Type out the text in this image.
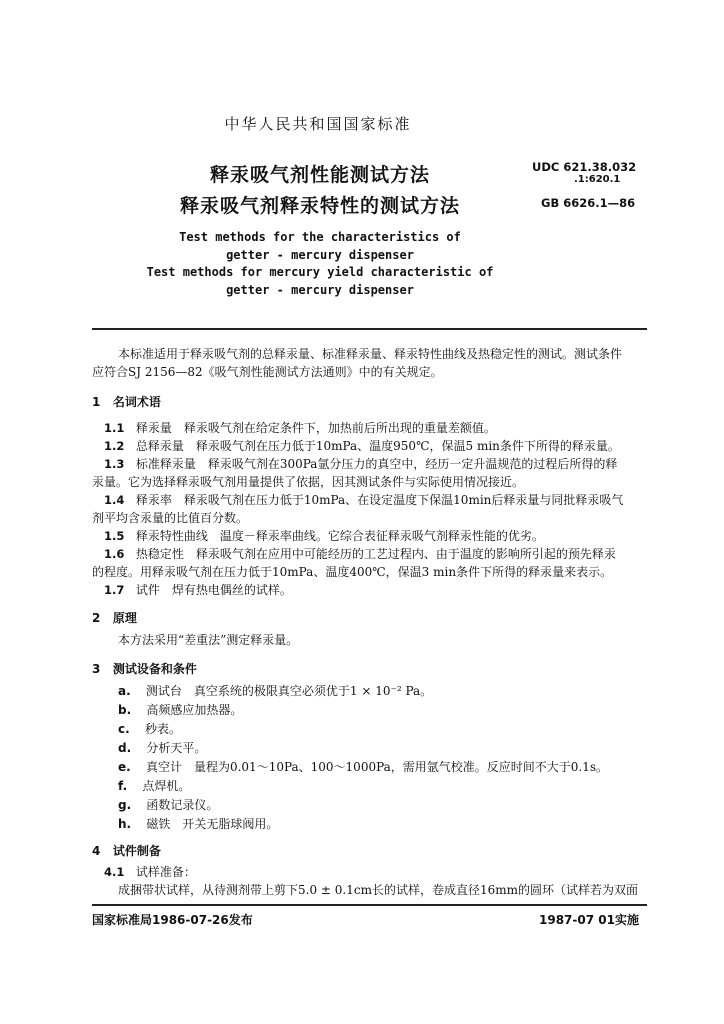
中华人民共和国国家标准
释汞吸气剂性能测试方法
释汞吸气剂释汞特性的测试方法
UDC 621.38.032
.1:620.1
GB 6626.1—86
Test methods for the characteristics of
getter - mercury dispenser
Test methods for mercury yield characteristic of
getter - mercury dispenser
本标准适用于释汞吸气剂的总释汞量、标准释汞量、释汞特性曲线及热稳定性的测试。测试条件
应符合SJ 2156—82《吸气剂性能测试方法通则》中的有关规定。
1 名词术语
1.1 释汞量　释汞吸气剂在给定条件下，加热前后所出现的重量差额值。
1.2 总释汞量　释汞吸气剂在压力低于10mPa、温度950℃，保温5 min条件下所得的释汞量。
1.3 标准释汞量　释汞吸气剂在300Pa氩分压力的真空中，经历一定升温规范的过程后所得的释
汞量。它为选择释汞吸气剂用量提供了依据，因其测试条件与实际使用情况接近。
1.4 释汞率　释汞吸气剂在压力低于10mPa、在设定温度下保温10min后释汞量与同批释汞吸气
剂平均含汞量的比值百分数。
1.5 释汞特性曲线　温度－释汞率曲线。它综合表征释汞吸气剂释汞性能的优劣。
1.6 热稳定性　释汞吸气剂在应用中可能经历的工艺过程内、由于温度的影响所引起的预先释汞
的程度。用释汞吸气剂在压力低于10mPa、温度400℃，保温3 min条件下所得的释汞量来表示。
1.7 试件　焊有热电偶丝的试样。
2 原理
本方法采用“差重法”测定释汞量。
3 测试设备和条件
a. 测试台　真空系统的极限真空必须优于1 × 10⁻² Pa。
b. 高频感应加热器。
c. 秒表。
d. 分析天平。
e. 真空计　量程为0.01～10Pa、100～1000Pa，需用氩气校准。反应时间不大于0.1s。
f. 点焊机。
g. 函数记录仪。
h. 磁铁　开关无脂球阀用。
4 试件制备
4.1 试样准备：
成捆带状试样，从待测剂带上剪下5.0 ± 0.1cm长的试样，卷成直径16mm的圆环（试样若为双面
国家标准局1986-07-26发布	1987-07 01实施
